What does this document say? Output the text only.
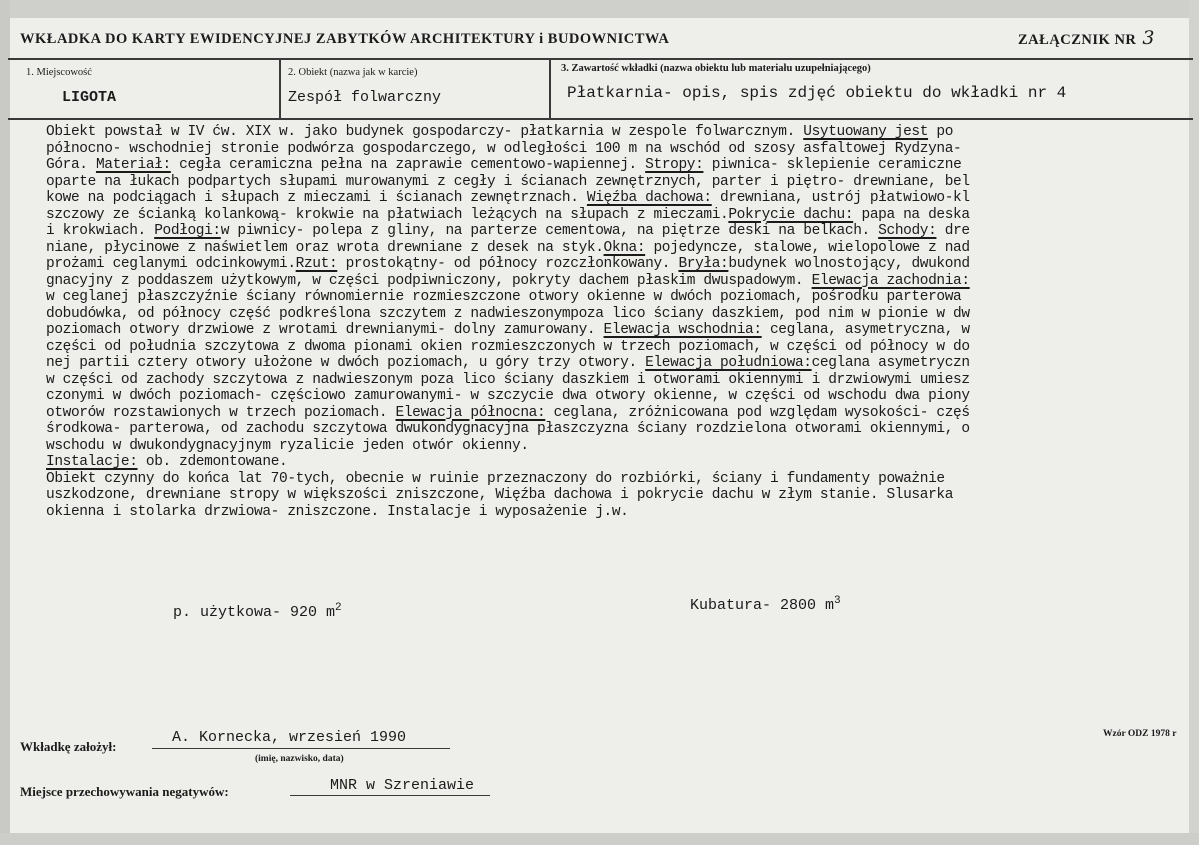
WKŁADKA DO KARTY EWIDENCYJNEJ ZABYTKÓW ARCHITEKTURY i BUDOWNICTWA	ZAŁĄCZNIK NR 3
1. Miejscowość
LIGOTA
2. Obiekt (nazwa jak w karcie)
Zespół folwarczny
3. Zawartość wkładki (nazwa obiektu lub materiału uzupełniającego)
Płatkarnia- opis, spis zdjęć obiektu do wkładki nr 4
Obiekt powstał w IV ćw. XIX w. jako budynek gospodarczy- płatkarnia w zespole folwarcznym. Usytuowany jest po
północno- wschodniej stronie podwórza gospodarczego, w odległości 100 m na wschód od szosy asfaltowej Rydzyna-
Góra. Materiał: cegła ceramiczna pełna na zaprawie cementowo-wapiennej. Stropy: piwnica- sklepienie ceramiczne
oparte na łukach podpartych słupami murowanymi z cegły i ścianach zewnętrznych, parter i piętro- drewniane, bel
kowe na podciągach i słupach z mieczami i ścianach zewnętrznach. Więźba dachowa: drewniana, ustrój płatwiowo-kl
szczowy ze ścianką kolankową- krokwie na płatwiach leżących na słupach z mieczami.Pokrycie dachu: papa na deska
i krokwiach. Podłogi:w piwnicy- polepa z gliny, na parterze cementowa, na piętrze deski na belkach. Schody: dre
niane, płycinowe z naświetlem oraz wrota drewniane z desek na styk.Okna: pojedyncze, stalowe, wielopolowe z nad
prożami ceglanymi odcinkowymi.Rzut: prostokątny- od północy rozczłonkowany. Bryła:budynek wolnostojący, dwukond
gnacyjny z poddaszem użytkowym, w części podpiwniczony, pokryty dachem płaskim dwuspadowym. Elewacja zachodnia:
w ceglanej płaszczyźnie ściany równomiernie rozmieszczone otwory okienne w dwóch poziomach, pośrodku parterowa
dobudówka, od północy część podkreślona szczytem z nadwieszonympoza lico ściany daszkiem, pod nim w pionie w dw
poziomach otwory drzwiowe z wrotami drewnianymi- dolny zamurowany. Elewacja wschodnia: ceglana, asymetryczna, w
części od południa szczytowa z dwoma pionami okien rozmieszczonych w trzech poziomach, w części od północy w do
nej partii cztery otwory ułożone w dwóch poziomach, u góry trzy otwory. Elewacja południowa:ceglana asymetryczn
w części od zachody szczytowa z nadwieszonym poza lico ściany daszkiem i otworami okiennymi i drzwiowymi umiesz
czonymi w dwóch poziomach- częściowo zamurowanymi- w szczycie dwa otwory okienne, w części od wschodu dwa piony
otworów rozstawionych w trzech poziomach. Elewacja północna: ceglana, zróżnicowana pod względam wysokości- częś
środkowa- parterowa, od zachodu szczytowa dwukondygnacyjna płaszczyzna ściany rozdzielona otworami okiennymi, o
wschodu w dwukondygnacyjnym ryzalicie jeden otwór okienny.
Instalacje: ob. zdemontowane.
Obiekt czynny do końca lat 70-tych, obecnie w ruinie przeznaczony do rozbiórki, ściany i fundamenty poważnie
uszkodzone, drewniane stropy w większości zniszczone, Więźba dachowa i pokrycie dachu w złym stanie. Slusarka
okienna i stolarka drzwiowa- zniszczone. Instalacje i wyposażenie j.w.
p. użytkowa- 920 $m^2$	Kubatura- 2800 $m^3$
Wkładkę założył:
A. Kornecka, wrzesień 1990
(imię, nazwisko, data)
Miejsce przechowywania negatywów:	MNR w Szreniawie
Wzór ODZ 1978 r
